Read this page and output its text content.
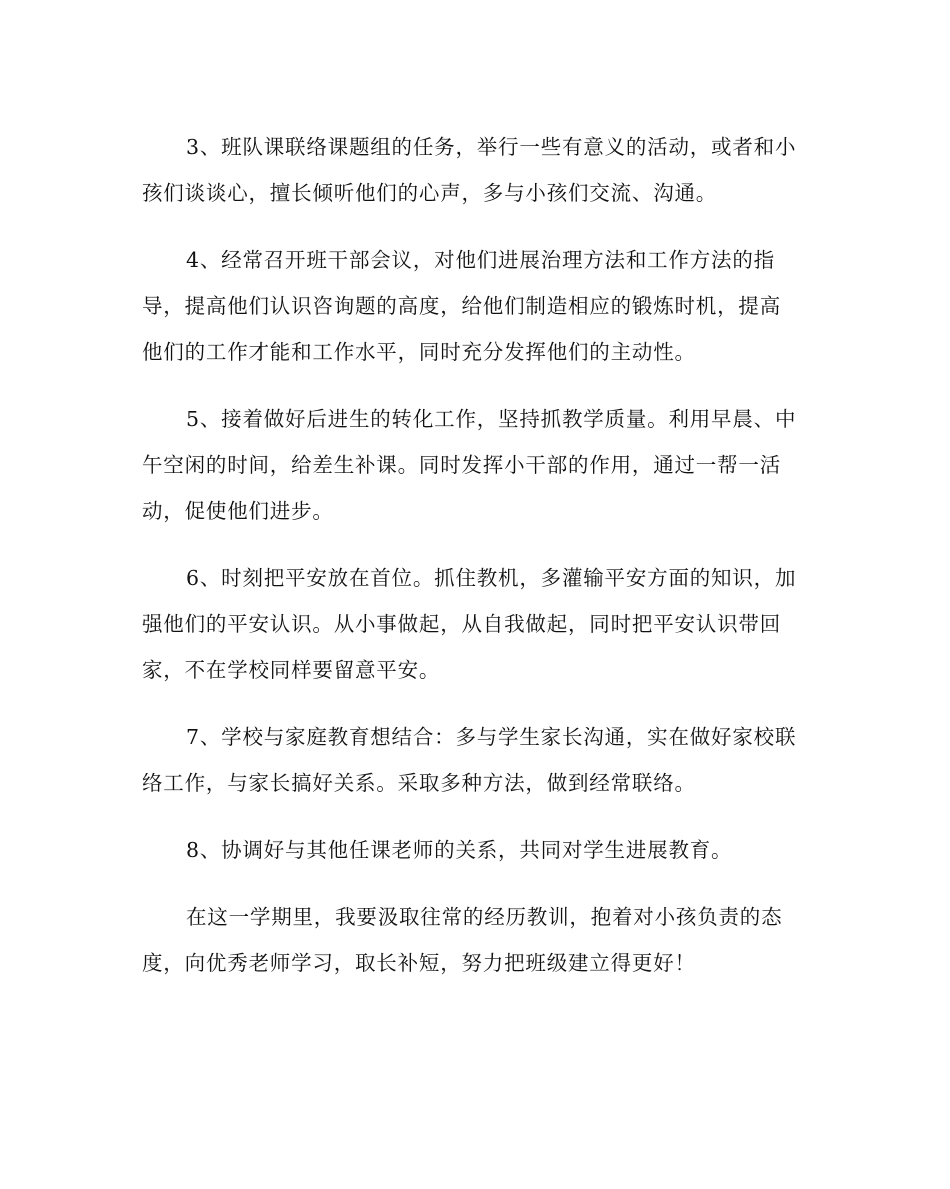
3、班队课联络课题组的任务，举行一些有意义的活动，或者和小
孩们谈谈心，擅长倾听他们的心声，多与小孩们交流、沟通。
4、经常召开班干部会议，对他们进展治理方法和工作方法的指
导，提高他们认识咨询题的高度，给他们制造相应的锻炼时机，提高
他们的工作才能和工作水平，同时充分发挥他们的主动性。
5、接着做好后进生的转化工作，坚持抓教学质量。利用早晨、中
午空闲的时间，给差生补课。同时发挥小干部的作用，通过一帮一活
动，促使他们进步。
6、时刻把平安放在首位。抓住教机，多灌输平安方面的知识，加
强他们的平安认识。从小事做起，从自我做起，同时把平安认识带回
家，不在学校同样要留意平安。
7、学校与家庭教育想结合：多与学生家长沟通，实在做好家校联
络工作，与家长搞好关系。采取多种方法，做到经常联络。
8、协调好与其他任课老师的关系，共同对学生进展教育。
在这一学期里，我要汲取往常的经历教训，抱着对小孩负责的态
度，向优秀老师学习，取长补短，努力把班级建立得更好！
